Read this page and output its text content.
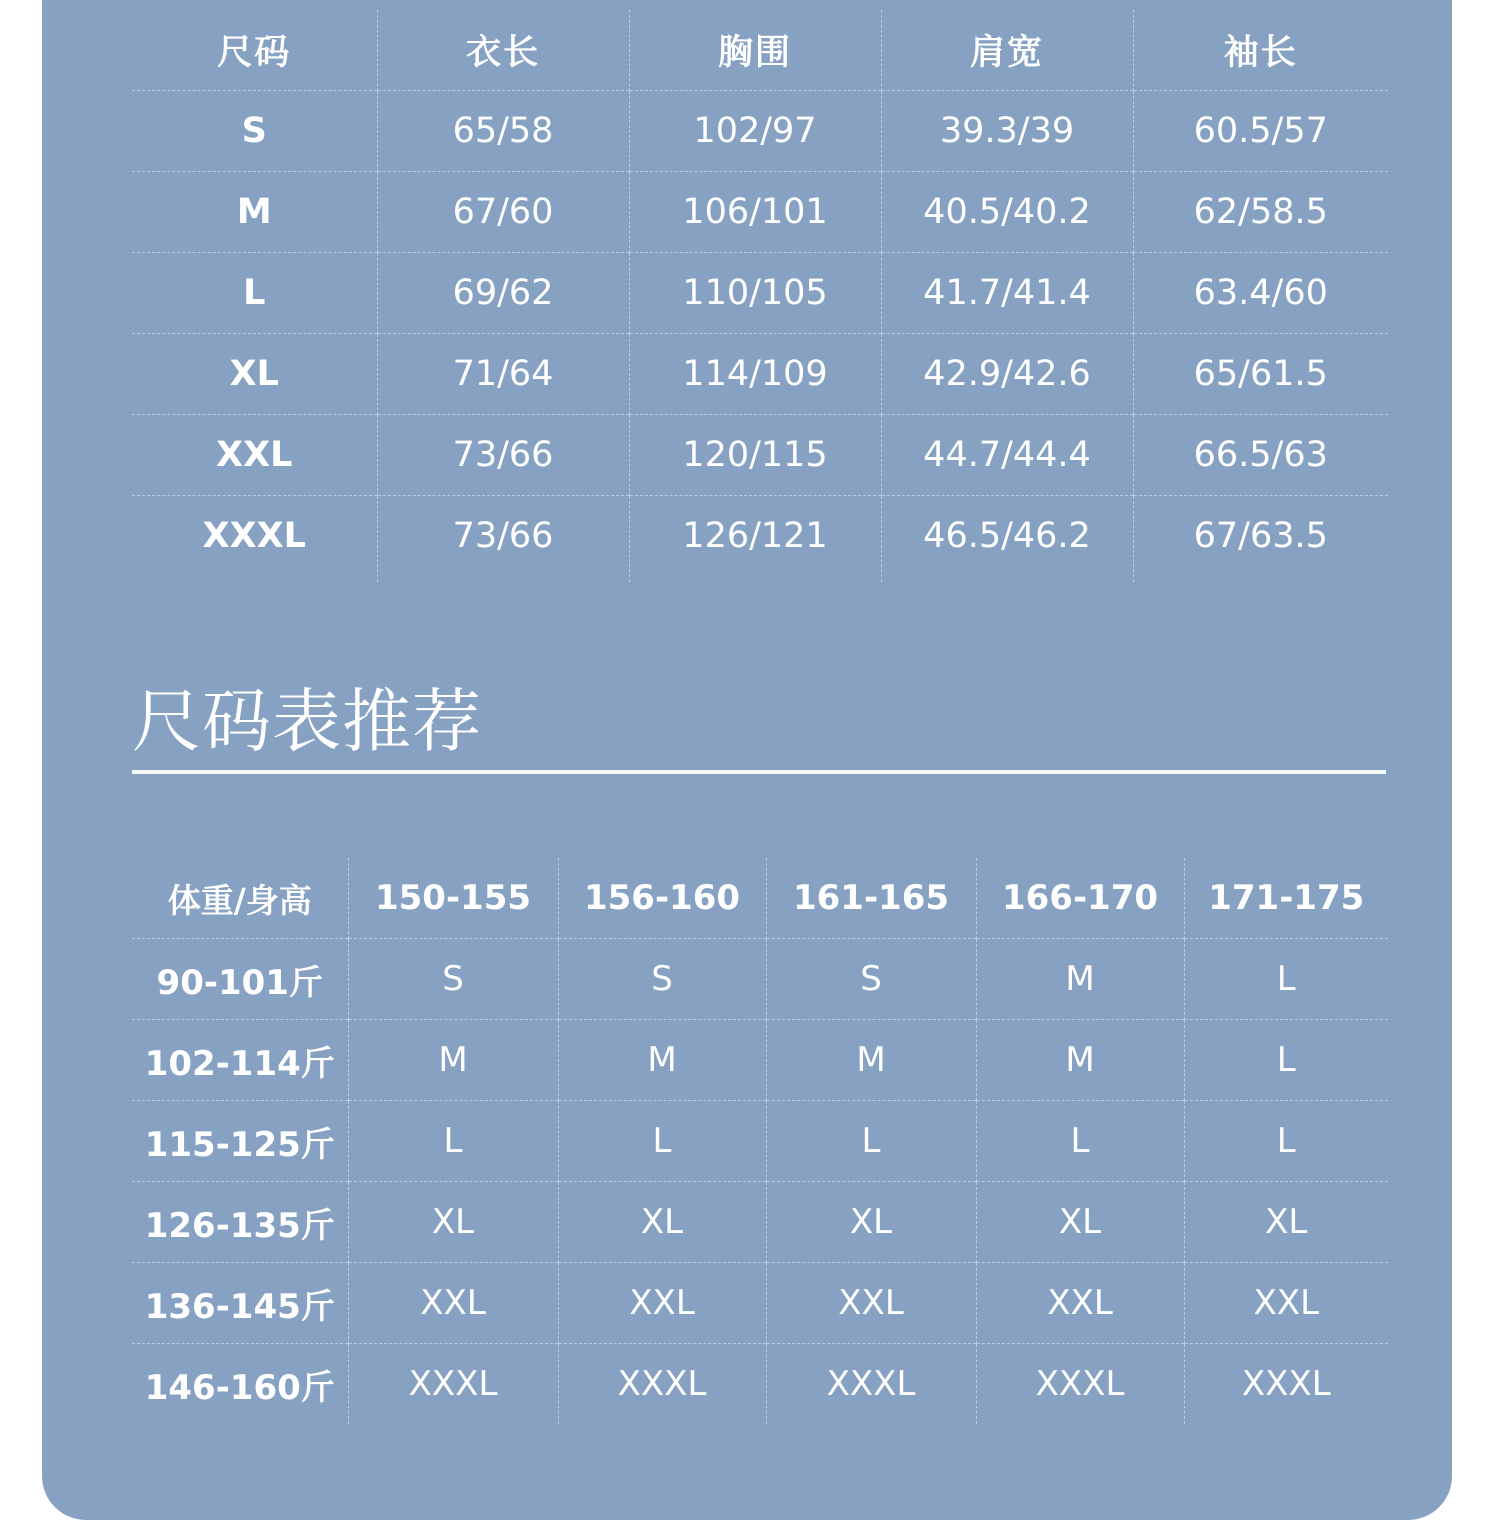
尺码	衣长	胸围	肩宽	袖长
S	65/58	102/97	39.3/39	60.5/57
M	67/60	106/101	40.5/40.2	62/58.5
L	69/62	110/105	41.7/41.4	63.4/60
XL	71/64	114/109	42.9/42.6	65/61.5
XXL	73/66	120/115	44.7/44.4	66.5/63
XXXL	73/66	126/121	46.5/46.2	67/63.5
尺码表推荐
体重/身高	150-155	156-160	161-165	166-170	171-175
90-101斤	S	S	S	M	L
102-114斤	M	M	M	M	L
115-125斤	L	L	L	L	L
126-135斤	XL	XL	XL	XL	XL
136-145斤	XXL	XXL	XXL	XXL	XXL
146-160斤	XXXL	XXXL	XXXL	XXXL	XXXL
